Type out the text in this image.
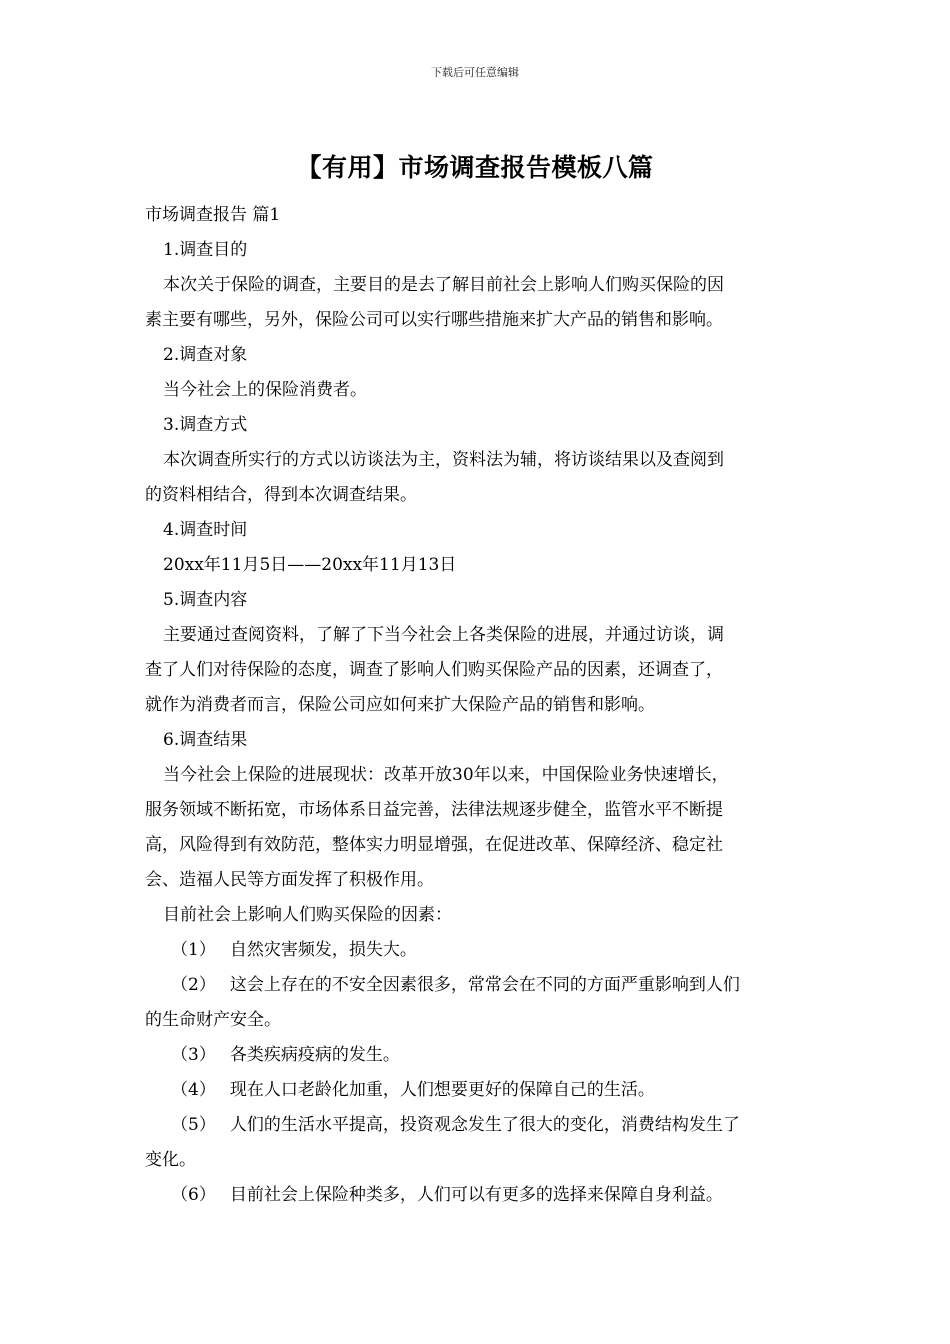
下载后可任意编辑
【有用】市场调查报告模板八篇
市场调查报告 篇1
1.调查目的
本次关于保险的调查，主要目的是去了解目前社会上影响人们购买保险的因
素主要有哪些，另外，保险公司可以实行哪些措施来扩大产品的销售和影响。
2.调查对象
当今社会上的保险消费者。
3.调查方式
本次调查所实行的方式以访谈法为主，资料法为辅，将访谈结果以及查阅到
的资料相结合，得到本次调查结果。
4.调查时间
20xx年11月5日——20xx年11月13日
5.调查内容
主要通过查阅资料，了解了下当今社会上各类保险的进展，并通过访谈，调
查了人们对待保险的态度，调查了影响人们购买保险产品的因素，还调查了，
就作为消费者而言，保险公司应如何来扩大保险产品的销售和影响。
6.调查结果
当今社会上保险的进展现状：改革开放30年以来，中国保险业务快速增长，
服务领域不断拓宽，市场体系日益完善，法律法规逐步健全，监管水平不断提
高，风险得到有效防范，整体实力明显增强，在促进改革、保障经济、稳定社
会、造福人民等方面发挥了积极作用。
目前社会上影响人们购买保险的因素：
（1） 自然灾害频发，损失大。
（2） 这会上存在的不安全因素很多，常常会在不同的方面严重影响到人们
的生命财产安全。
（3） 各类疾病疫病的发生。
（4） 现在人口老龄化加重，人们想要更好的保障自己的生活。
（5） 人们的生活水平提高，投资观念发生了很大的变化，消费结构发生了
变化。
（6） 目前社会上保险种类多，人们可以有更多的选择来保障自身利益。
